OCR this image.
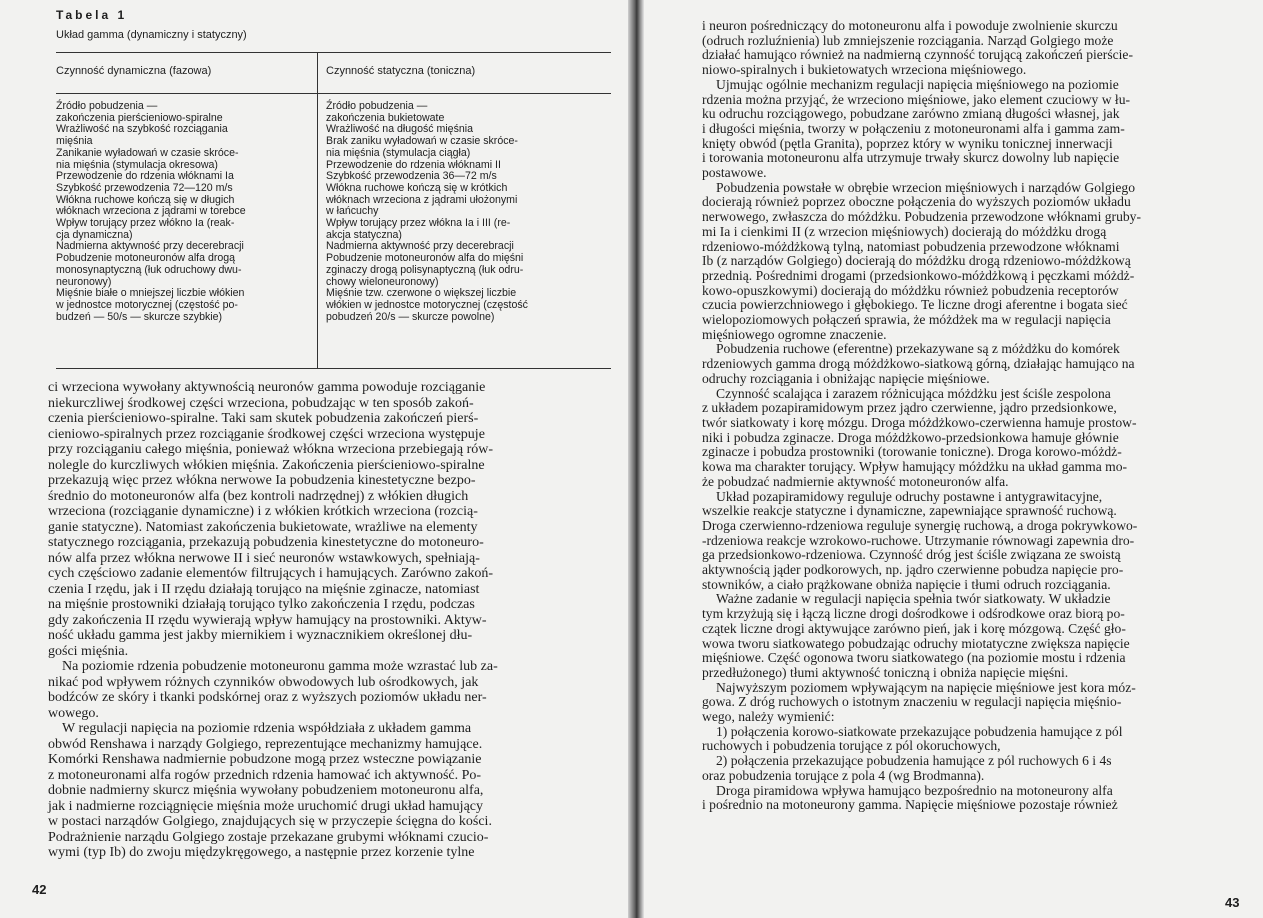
Tabela 1
Układ gamma (dynamiczny i statyczny)
Czynność dynamiczna (fazowa)	Czynność statyczna (toniczna)
Źródło pobudzenia —
zakończenia pierścieniowo-spiralne
Wrażliwość na szybkość rozciągania
mięśnia
Zanikanie wyładowań w czasie skróce-
nia mięśnia (stymulacja okresowa)
Przewodzenie do rdzenia włóknami Ia
Szybkość przewodzenia 72—120 m/s
Włókna ruchowe kończą się w długich
włóknach wrzeciona z jądrami w torebce
Wpływ torujący przez włókno Ia (reak-
cja dynamiczna)
Nadmierna aktywność przy decerebracji
Pobudzenie motoneuronów alfa drogą
monosynaptyczną (łuk odruchowy dwu-
neuronowy)
Mięśnie białe o mniejszej liczbie włókien
w jednostce motorycznej (częstość po-
budzeń — 50/s — skurcze szybkie)
Źródło pobudzenia —
zakończenia bukietowate
Wrażliwość na długość mięśnia
Brak zaniku wyładowań w czasie skróce-
nia mięśnia (stymulacja ciągła)
Przewodzenie do rdzenia włóknami II
Szybkość przewodzenia 36—72 m/s
Włókna ruchowe kończą się w krótkich
włóknach wrzeciona z jądrami ułożonymi
w łańcuchy
Wpływ torujący przez włókna Ia i III (re-
akcja statyczna)
Nadmierna aktywność przy decerebracji
Pobudzenie motoneuronów alfa do mięśni
zginaczy drogą polisynaptyczną (łuk odru-
chowy wieloneuronowy)
Mięśnie tzw. czerwone o większej liczbie
włókien w jednostce motorycznej (częstość
pobudzeń 20/s — skurcze powolne)
ci wrzeciona wywołany aktywnością neuronów gamma powoduje rozciąganie
niekurczliwej środkowej części wrzeciona, pobudzając w ten sposób zakoń-
czenia pierścieniowo-spiralne. Taki sam skutek pobudzenia zakończeń pierś-
cieniowo-spiralnych przez rozciąganie środkowej części wrzeciona występuje
przy rozciąganiu całego mięśnia, ponieważ włókna wrzeciona przebiegają rów-
nolegle do kurczliwych włókien mięśnia. Zakończenia pierścieniowo-spiralne
przekazują więc przez włókna nerwowe Ia pobudzenia kinestetyczne bezpo-
średnio do motoneuronów alfa (bez kontroli nadrzędnej) z włókien długich
wrzeciona (rozciąganie dynamiczne) i z włókien krótkich wrzeciona (rozcią-
ganie statyczne). Natomiast zakończenia bukietowate, wrażliwe na elementy
statycznego rozciągania, przekazują pobudzenia kinestetyczne do motoneuro-
nów alfa przez włókna nerwowe II i sieć neuronów wstawkowych, spełniają-
cych częściowo zadanie elementów filtrujących i hamujących. Zarówno zakoń-
czenia I rzędu, jak i II rzędu działają torująco na mięśnie zginacze, natomiast
na mięśnie prostowniki działają torująco tylko zakończenia I rzędu, podczas
gdy zakończenia II rzędu wywierają wpływ hamujący na prostowniki. Aktyw-
ność układu gamma jest jakby miernikiem i wyznacznikiem określonej dłu-
gości mięśnia.
Na poziomie rdzenia pobudzenie motoneuronu gamma może wzrastać lub za-
nikać pod wpływem różnych czynników obwodowych lub ośrodkowych, jak
bodźców ze skóry i tkanki podskórnej oraz z wyższych poziomów układu ner-
wowego.
W regulacji napięcia na poziomie rdzenia współdziała z układem gamma
obwód Renshawa i narządy Golgiego, reprezentujące mechanizmy hamujące.
Komórki Renshawa nadmiernie pobudzone mogą przez wsteczne powiązanie
z motoneuronami alfa rogów przednich rdzenia hamować ich aktywność. Po-
dobnie nadmierny skurcz mięśnia wywołany pobudzeniem motoneuronu alfa,
jak i nadmierne rozciągnięcie mięśnia może uruchomić drugi układ hamujący
w postaci narządów Golgiego, znajdujących się w przyczepie ścięgna do kości.
Podrażnienie narządu Golgiego zostaje przekazane grubymi włóknami czucio-
wymi (typ Ib) do zwoju międzykręgowego, a następnie przez korzenie tylne
42
i neuron pośredniczący do motoneuronu alfa i powoduje zwolnienie skurczu
(odruch rozluźnienia) lub zmniejszenie rozciągania. Narząd Golgiego może
działać hamująco również na nadmierną czynność torującą zakończeń pierście-
niowo-spiralnych i bukietowatych wrzeciona mięśniowego.
Ujmując ogólnie mechanizm regulacji napięcia mięśniowego na poziomie
rdzenia można przyjąć, że wrzeciono mięśniowe, jako element czuciowy w łu-
ku odruchu rozciągowego, pobudzane zarówno zmianą długości własnej, jak
i długości mięśnia, tworzy w połączeniu z motoneuronami alfa i gamma zam-
knięty obwód (pętla Granita), poprzez który w wyniku tonicznej innerwacji
i torowania motoneuronu alfa utrzymuje trwały skurcz dowolny lub napięcie
postawowe.
Pobudzenia powstałe w obrębie wrzecion mięśniowych i narządów Golgiego
docierają również poprzez oboczne połączenia do wyższych poziomów układu
nerwowego, zwłaszcza do móżdżku. Pobudzenia przewodzone włóknami gruby-
mi Ia i cienkimi II (z wrzecion mięśniowych) docierają do móżdżku drogą
rdzeniowo-móżdżkową tylną, natomiast pobudzenia przewodzone włóknami
Ib (z narządów Golgiego) docierają do móżdżku drogą rdzeniowo-móżdżkową
przednią. Pośrednimi drogami (przedsionkowo-móżdżkową i pęczkami móżdż-
kowo-opuszkowymi) docierają do móżdżku również pobudzenia receptorów
czucia powierzchniowego i głębokiego. Te liczne drogi aferentne i bogata sieć
wielopoziomowych połączeń sprawia, że móżdżek ma w regulacji napięcia
mięśniowego ogromne znaczenie.
Pobudzenia ruchowe (eferentne) przekazywane są z móżdżku do komórek
rdzeniowych gamma drogą móżdżkowo-siatkową górną, działając hamująco na
odruchy rozciągania i obniżając napięcie mięśniowe.
Czynność scalająca i zarazem różnicująca móżdżku jest ściśle zespolona
z układem pozapiramidowym przez jądro czerwienne, jądro przedsionkowe,
twór siatkowaty i korę mózgu. Droga móżdżkowo-czerwienna hamuje prostow-
niki i pobudza zginacze. Droga móżdżkowo-przedsionkowa hamuje głównie
zginacze i pobudza prostowniki (torowanie toniczne). Droga korowo-móżdż-
kowa ma charakter torujący. Wpływ hamujący móżdżku na układ gamma mo-
że pobudzać nadmiernie aktywność motoneuronów alfa.
Układ pozapiramidowy reguluje odruchy postawne i antygrawitacyjne,
wszelkie reakcje statyczne i dynamiczne, zapewniające sprawność ruchową.
Droga czerwienno-rdzeniowa reguluje synergię ruchową, a droga pokrywkowo-
-rdzeniowa reakcje wzrokowo-ruchowe. Utrzymanie równowagi zapewnia dro-
ga przedsionkowo-rdzeniowa. Czynność dróg jest ściśle związana ze swoistą
aktywnością jąder podkorowych, np. jądro czerwienne pobudza napięcie pro-
stowników, a ciało prążkowane obniża napięcie i tłumi odruch rozciągania.
Ważne zadanie w regulacji napięcia spełnia twór siatkowaty. W układzie
tym krzyżują się i łączą liczne drogi dośrodkowe i odśrodkowe oraz biorą po-
czątek liczne drogi aktywujące zarówno pień, jak i korę mózgową. Część gło-
wowa tworu siatkowatego pobudzając odruchy miotatyczne zwiększa napięcie
mięśniowe. Część ogonowa tworu siatkowatego (na poziomie mostu i rdzenia
przedłużonego) tłumi aktywność toniczną i obniża napięcie mięśni.
Najwyższym poziomem wpływającym na napięcie mięśniowe jest kora móz-
gowa. Z dróg ruchowych o istotnym znaczeniu w regulacji napięcia mięśnio-
wego, należy wymienić:
1) połączenia korowo-siatkowate przekazujące pobudzenia hamujące z pól
ruchowych i pobudzenia torujące z pól okoruchowych,
2) połączenia przekazujące pobudzenia hamujące z pól ruchowych 6 i 4s
oraz pobudzenia torujące z pola 4 (wg Brodmanna).
Droga piramidowa wpływa hamująco bezpośrednio na motoneurony alfa
i pośrednio na motoneurony gamma. Napięcie mięśniowe pozostaje również
43
